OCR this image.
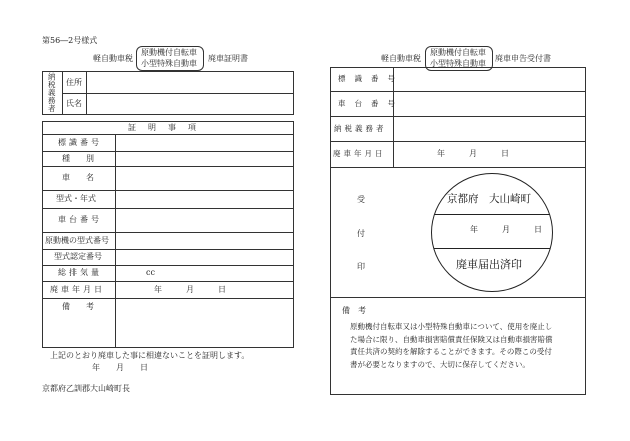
第56―2号様式
軽自動車税
原動機付自転車
小型特殊自動車
廃車証明書
納
税
義
務
者
住所
氏名
証　明　事　項
標識番号
種　　別
車　　名
型式・年式
車台番号
原動機の型式番号
型式認定番号
総排気量	cc
廃車年月日	年　　　月　　　日
備　　考
上記のとおり廃車した事に相違ないことを証明します。
年　　月　　日
京都府乙訓郡大山崎町長
軽自動車税
原動機付自転車
小型特殊自動車
廃車申告受付書
標識番号
車台番号
納税義務者
廃車年月日	年　　　月　　　日
受
付
印
京都府　大山崎町
年　　　月　　　日
廃車届出済印
備　考
原動機付自転車又は小型特殊自動車について、使用を廃止し
た場合に限り、自動車損害賠償責任保険又は自動車損害賠償
責任共済の契約を解除することができます。その際この受付
書が必要となりますので、大切に保存してください。
